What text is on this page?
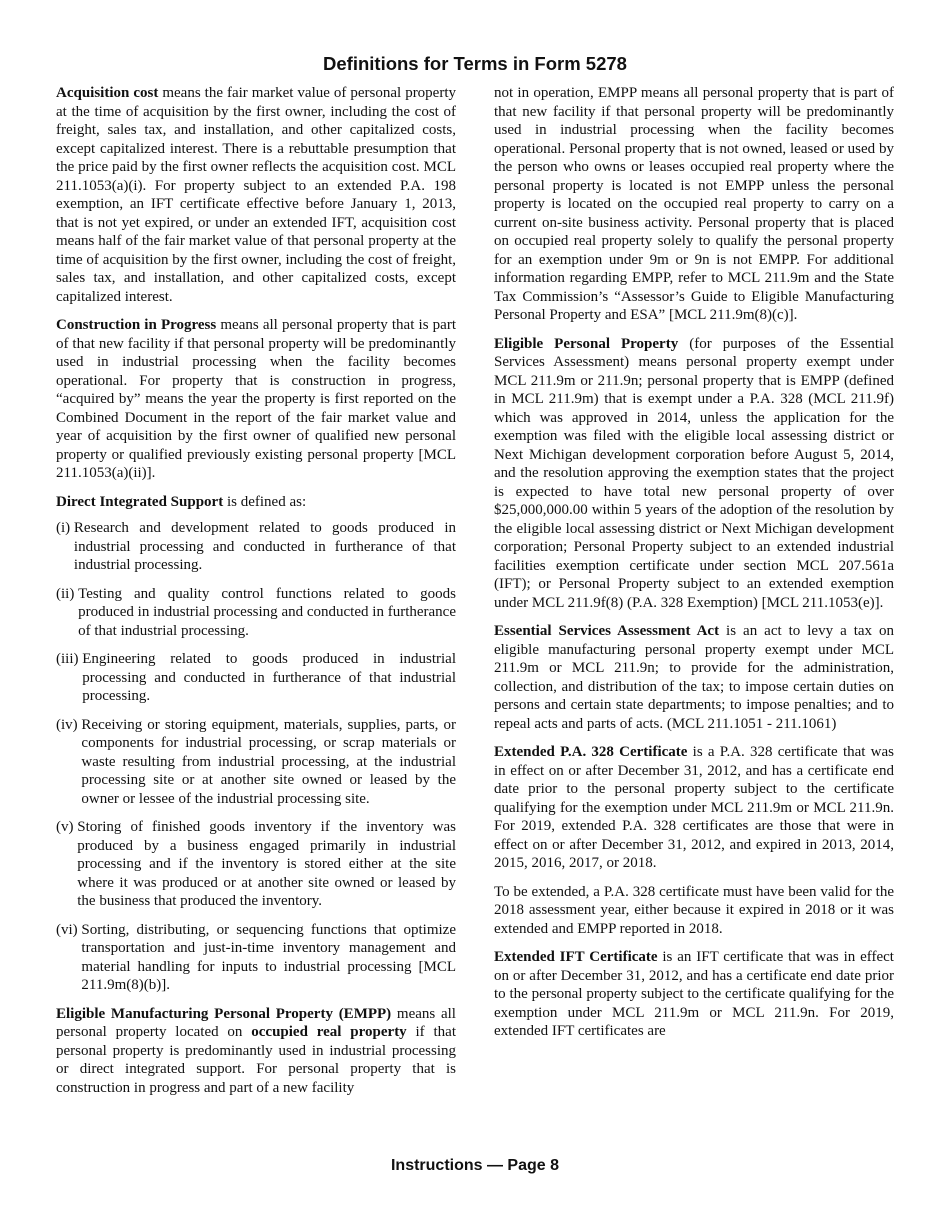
Definitions for Terms in Form 5278

Acquisition cost means the fair market value of personal property at the time of acquisition by the first owner, including the cost of freight, sales tax, and installation, and other capitalized costs, except capitalized interest. There is a rebuttable presumption that the price paid by the first owner reflects the acquisition cost. MCL 211.1053(a)(i). For property subject to an extended P.A. 198 exemption, an IFT certificate effective before January 1, 2013, that is not yet expired, or under an extended IFT, acquisition cost means half of the fair market value of that personal property at the time of acquisition by the first owner, including the cost of freight, sales tax, and installation, and other capitalized costs, except capitalized interest.

Construction in Progress means all personal property that is part of that new facility if that personal property will be predominantly used in industrial processing when the facility becomes operational. For property that is construction in progress, “acquired by” means the year the property is first reported on the Combined Document in the report of the fair market value and year of acquisition by the first owner of qualified new personal property or qualified previously existing personal property [MCL 211.1053(a)(ii)].

Direct Integrated Support is defined as:

(i) Research and development related to goods produced in industrial processing and conducted in furtherance of that industrial processing.
(ii) Testing and quality control functions related to goods produced in industrial processing and conducted in furtherance of that industrial processing.
(iii) Engineering related to goods produced in industrial processing and conducted in furtherance of that industrial processing.
(iv) Receiving or storing equipment, materials, supplies, parts, or components for industrial processing, or scrap materials or waste resulting from industrial processing, at the industrial processing site or at another site owned or leased by the owner or lessee of the industrial processing site.
(v) Storing of finished goods inventory if the inventory was produced by a business engaged primarily in industrial processing and if the inventory is stored either at the site where it was produced or at another site owned or leased by the business that produced the inventory.
(vi) Sorting, distributing, or sequencing functions that optimize transportation and just-in-time inventory management and material handling for inputs to industrial processing [MCL 211.9m(8)(b)].

Eligible Manufacturing Personal Property (EMPP) means all personal property located on occupied real property if that personal property is predominantly used in industrial processing or direct integrated support. For personal property that is construction in progress and part of a new facility

not in operation, EMPP means all personal property that is part of that new facility if that personal property will be predominantly used in industrial processing when the facility becomes operational. Personal property that is not owned, leased or used by the person who owns or leases occupied real property where the personal property is located is not EMPP unless the personal property is located on the occupied real property to carry on a current on-site business activity. Personal property that is placed on occupied real property solely to qualify the personal property for an exemption under 9m or 9n is not EMPP. For additional information regarding EMPP, refer to MCL 211.9m and the State Tax Commission’s “Assessor’s Guide to Eligible Manufacturing Personal Property and ESA” [MCL 211.9m(8)(c)].

Eligible Personal Property (for purposes of the Essential Services Assessment) means personal property exempt under MCL 211.9m or 211.9n; personal property that is EMPP (defined in MCL 211.9m) that is exempt under a P.A. 328 (MCL 211.9f) which was approved in 2014, unless the application for the exemption was filed with the eligible local assessing district or Next Michigan development corporation before August 5, 2014, and the resolution approving the exemption states that the project is expected to have total new personal property of over $25,000,000.00 within 5 years of the adoption of the resolution by the eligible local assessing district or Next Michigan development corporation; Personal Property subject to an extended industrial facilities exemption certificate under section MCL 207.561a (IFT); or Personal Property subject to an extended exemption under MCL 211.9f(8) (P.A. 328 Exemption) [MCL 211.1053(e)].

Essential Services Assessment Act is an act to levy a tax on eligible manufacturing personal property exempt under MCL 211.9m or MCL 211.9n; to provide for the administration, collection, and distribution of the tax; to impose certain duties on persons and certain state departments; to impose penalties; and to repeal acts and parts of acts. (MCL 211.1051 - 211.1061)

Extended P.A. 328 Certificate is a P.A. 328 certificate that was in effect on or after December 31, 2012, and has a certificate end date prior to the personal property subject to the certificate qualifying for the exemption under MCL 211.9m or MCL 211.9n. For 2019, extended P.A. 328 certificates are those that were in effect on or after December 31, 2012, and expired in 2013, 2014, 2015, 2016, 2017, or 2018.

To be extended, a P.A. 328 certificate must have been valid for the 2018 assessment year, either because it expired in 2018 or it was extended and EMPP reported in 2018.

Extended IFT Certificate is an IFT certificate that was in effect on or after December 31, 2012, and has a certificate end date prior to the personal property subject to the certificate qualifying for the exemption under MCL 211.9m or MCL 211.9n. For 2019, extended IFT certificates are

Instructions — Page 8
